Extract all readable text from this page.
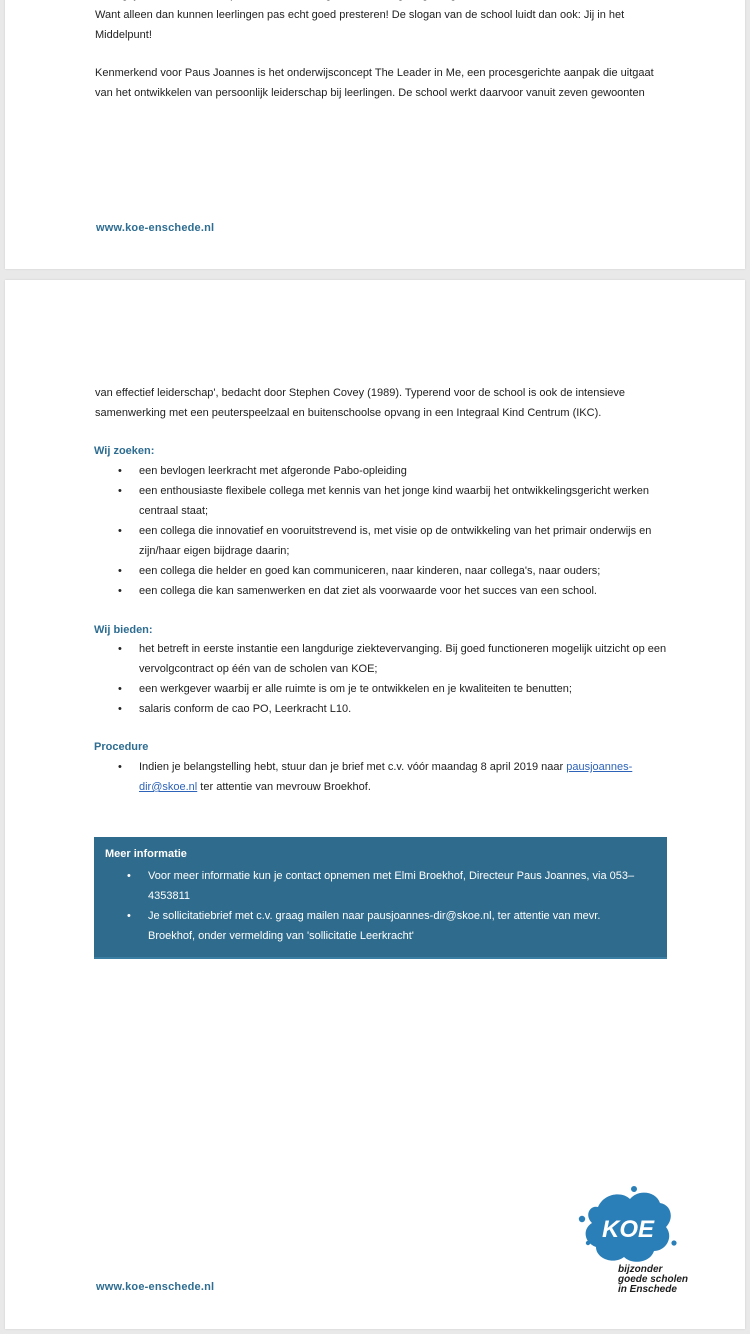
Want alleen dan kunnen leerlingen pas echt goed presteren! De slogan van de school luidt dan ook: Jij in het Middelpunt!

Kenmerkend voor Paus Joannes is het onderwijsconcept The Leader in Me, een procesgerichte aanpak die uitgaat van het ontwikkelen van persoonlijk leiderschap bij leerlingen. De school werkt daarvoor vanuit zeven gewoonten

www.koe-enschede.nl

van effectief leiderschap', bedacht door Stephen Covey (1989). Typerend voor de school is ook de intensieve samenwerking met een peuterspeelzaal en buitenschoolse opvang in een Integraal Kind Centrum (IKC).

Wij zoeken:
• een bevlogen leerkracht met afgeronde Pabo-opleiding
• een enthousiaste flexibele collega met kennis van het jonge kind waarbij het ontwikkelingsgericht werken centraal staat;
• een collega die innovatief en vooruitstrevend is, met visie op de ontwikkeling van het primair onderwijs en zijn/haar eigen bijdrage daarin;
• een collega die helder en goed kan communiceren, naar kinderen, naar collega's, naar ouders;
• een collega die kan samenwerken en dat ziet als voorwaarde voor het succes van een school.
Wij bieden:
• het betreft in eerste instantie een langdurige ziektevervanging. Bij goed functioneren mogelijk uitzicht op een vervolgcontract op één van de scholen van KOE;
• een werkgever waarbij er alle ruimte is om je te ontwikkelen en je kwaliteiten te benutten;
• salaris conform de cao PO, Leerkracht L10.
Procedure
• Indien je belangstelling hebt, stuur dan je brief met c.v. vóór maandag 8 april 2019 naar pausjoannes-dir@skoe.nl ter attentie van mevrouw Broekhof.
Meer informatie
• Voor meer informatie kun je contact opnemen met Elmi Broekhof, Directeur Paus Joannes, via 053–4353811
• Je sollicitatiebrief met c.v. graag mailen naar pausjoannes-dir@skoe.nl, ter attentie van mevr. Broekhof, onder vermelding van 'sollicitatie Leerkracht'
KOE
bijzonder
goede scholen
in Enschede
www.koe-enschede.nl
